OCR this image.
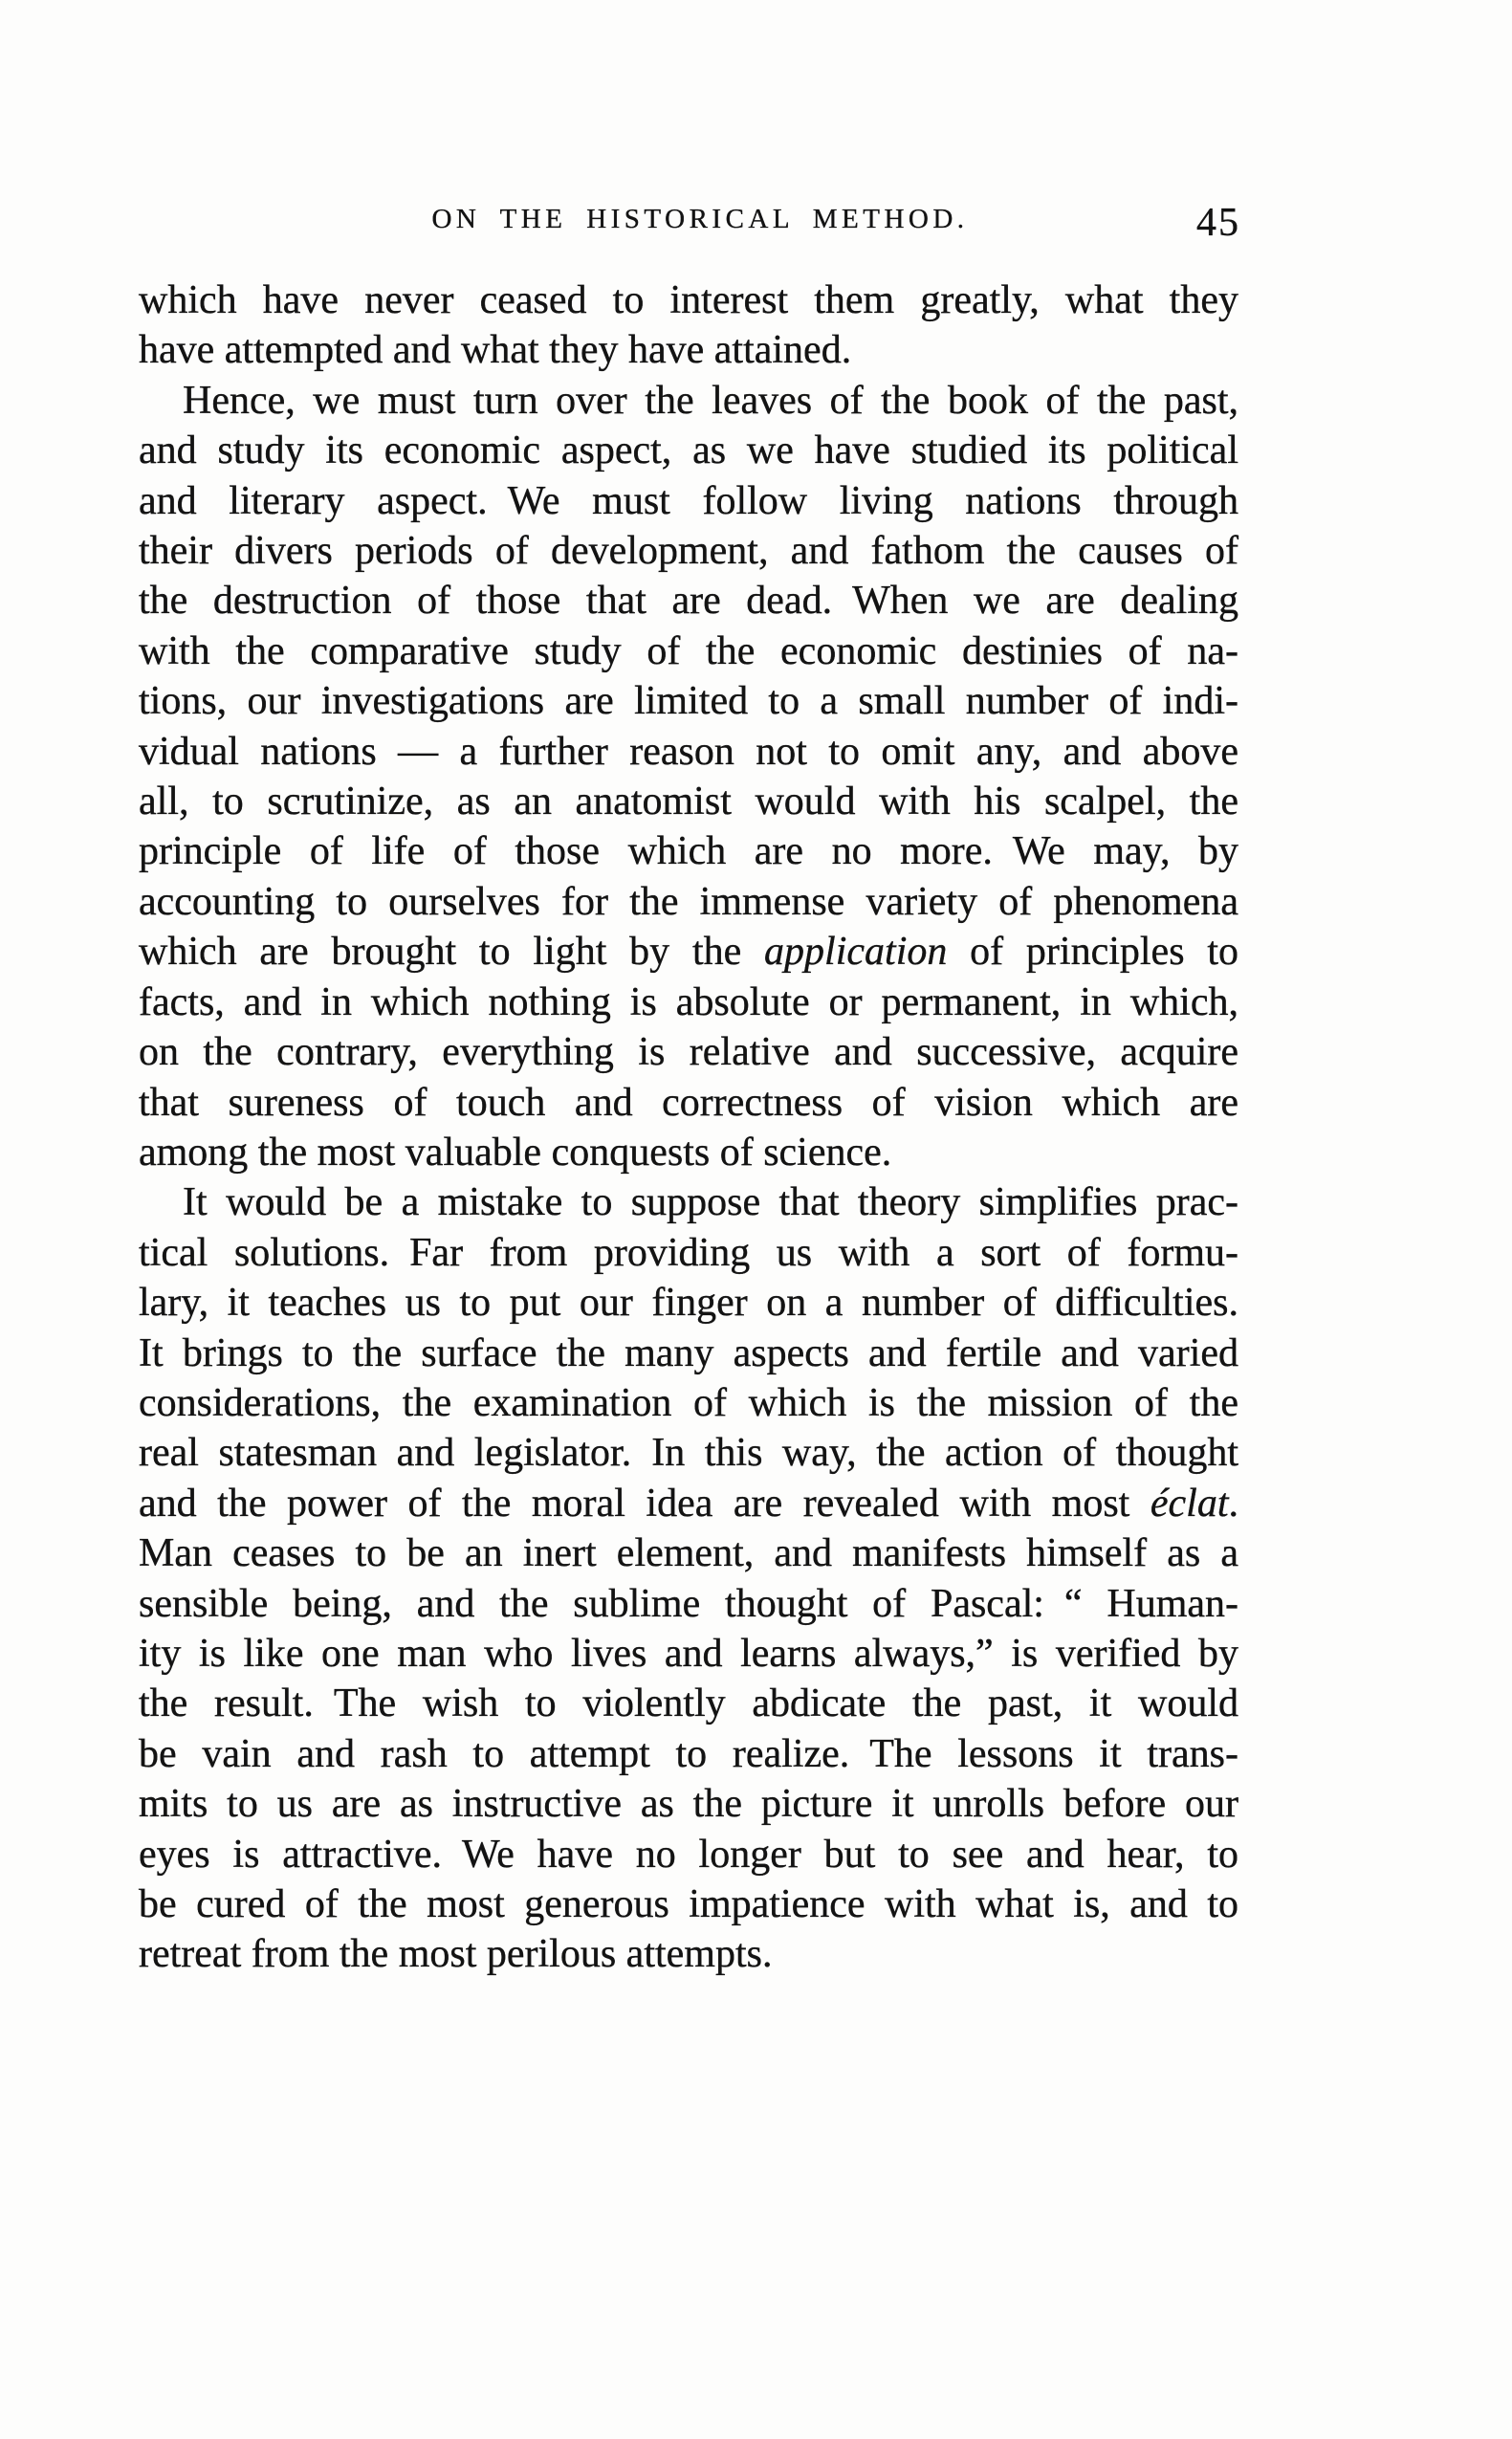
ON THE HISTORICAL METHOD.	45
which have never ceased to interest them greatly, what they
have attempted and what they have attained.
Hence, we must turn over the leaves of the book of the past,
and study its economic aspect, as we have studied its political
and literary aspect. We must follow living nations through
their divers periods of development, and fathom the causes of
the destruction of those that are dead. When we are dealing
with the comparative study of the economic destinies of na-
tions, our investigations are limited to a small number of indi-
vidual nations — a further reason not to omit any, and above
all, to scrutinize, as an anatomist would with his scalpel, the
principle of life of those which are no more. We may, by
accounting to ourselves for the immense variety of phenomena
which are brought to light by the application of principles to
facts, and in which nothing is absolute or permanent, in which,
on the contrary, everything is relative and successive, acquire
that sureness of touch and correctness of vision which are
among the most valuable conquests of science.
It would be a mistake to suppose that theory simplifies prac-
tical solutions. Far from providing us with a sort of formu-
lary, it teaches us to put our finger on a number of difficulties.
It brings to the surface the many aspects and fertile and varied
considerations, the examination of which is the mission of the
real statesman and legislator. In this way, the action of thought
and the power of the moral idea are revealed with most éclat.
Man ceases to be an inert element, and manifests himself as a
sensible being, and the sublime thought of Pascal: “ Human-
ity is like one man who lives and learns always,” is verified by
the result. The wish to violently abdicate the past, it would
be vain and rash to attempt to realize. The lessons it trans-
mits to us are as instructive as the picture it unrolls before our
eyes is attractive. We have no longer but to see and hear, to
be cured of the most generous impatience with what is, and to
retreat from the most perilous attempts.
